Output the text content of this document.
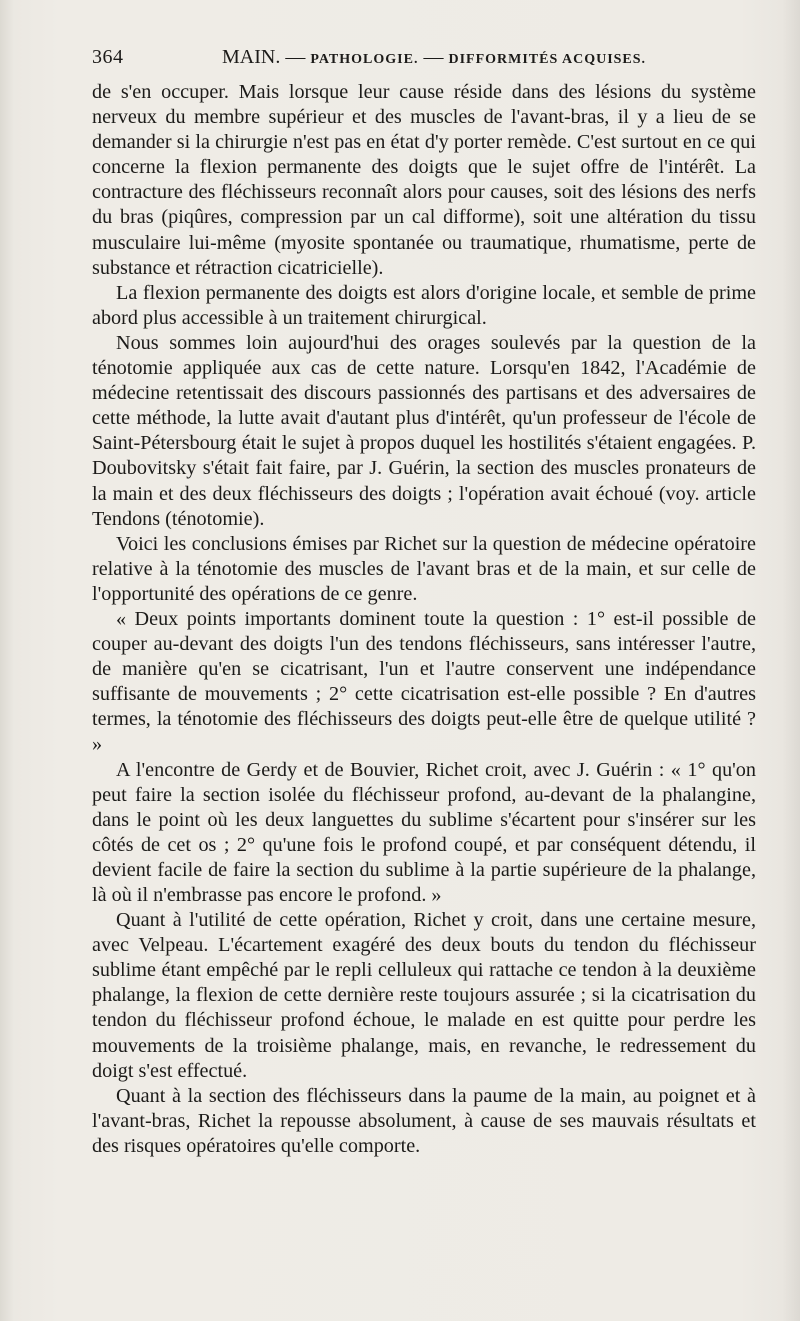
364	MAIN. — PATHOLOGIE. — DIFFORMITÉS ACQUISES.

de s'en occuper. Mais lorsque leur cause réside dans des lésions du système nerveux du membre supérieur et des muscles de l'avant-bras, il y a lieu de se demander si la chirurgie n'est pas en état d'y porter remède. C'est surtout en ce qui concerne la flexion permanente des doigts que le sujet offre de l'intérêt. La contracture des fléchisseurs reconnaît alors pour causes, soit des lésions des nerfs du bras (piqûres, compression par un cal difforme), soit une altération du tissu musculaire lui-même (myosite spontanée ou traumatique, rhumatisme, perte de substance et rétraction cicatricielle).

La flexion permanente des doigts est alors d'origine locale, et semble de prime abord plus accessible à un traitement chirurgical.

Nous sommes loin aujourd'hui des orages soulevés par la question de la ténotomie appliquée aux cas de cette nature. Lorsqu'en 1842, l'Académie de médecine retentissait des discours passionnés des partisans et des adversaires de cette méthode, la lutte avait d'autant plus d'intérêt, qu'un professeur de l'école de Saint-Pétersbourg était le sujet à propos duquel les hostilités s'étaient engagées. P. Doubovitsky s'était fait faire, par J. Guérin, la section des muscles pronateurs de la main et des deux fléchisseurs des doigts ; l'opération avait échoué (voy. article Tendons (ténotomie).

Voici les conclusions émises par Richet sur la question de médecine opératoire relative à la ténotomie des muscles de l'avant bras et de la main, et sur celle de l'opportunité des opérations de ce genre.

« Deux points importants dominent toute la question : 1° est-il possible de couper au-devant des doigts l'un des tendons fléchisseurs, sans intéresser l'autre, de manière qu'en se cicatrisant, l'un et l'autre conservent une indépendance suffisante de mouvements ; 2° cette cicatrisation est-elle possible ? En d'autres termes, la ténotomie des fléchisseurs des doigts peut-elle être de quelque utilité ? »

A l'encontre de Gerdy et de Bouvier, Richet croit, avec J. Guérin : « 1° qu'on peut faire la section isolée du fléchisseur profond, au-devant de la phalangine, dans le point où les deux languettes du sublime s'écartent pour s'insérer sur les côtés de cet os ; 2° qu'une fois le profond coupé, et par conséquent détendu, il devient facile de faire la section du sublime à la partie supérieure de la phalange, là où il n'embrasse pas encore le profond. »

Quant à l'utilité de cette opération, Richet y croit, dans une certaine mesure, avec Velpeau. L'écartement exagéré des deux bouts du tendon du fléchisseur sublime étant empêché par le repli celluleux qui rattache ce tendon à la deuxième phalange, la flexion de cette dernière reste toujours assurée ; si la cicatrisation du tendon du fléchisseur profond échoue, le malade en est quitte pour perdre les mouvements de la troisième phalange, mais, en revanche, le redressement du doigt s'est effectué.

Quant à la section des fléchisseurs dans la paume de la main, au poignet et à l'avant-bras, Richet la repousse absolument, à cause de ses mauvais résultats et des risques opératoires qu'elle comporte.
